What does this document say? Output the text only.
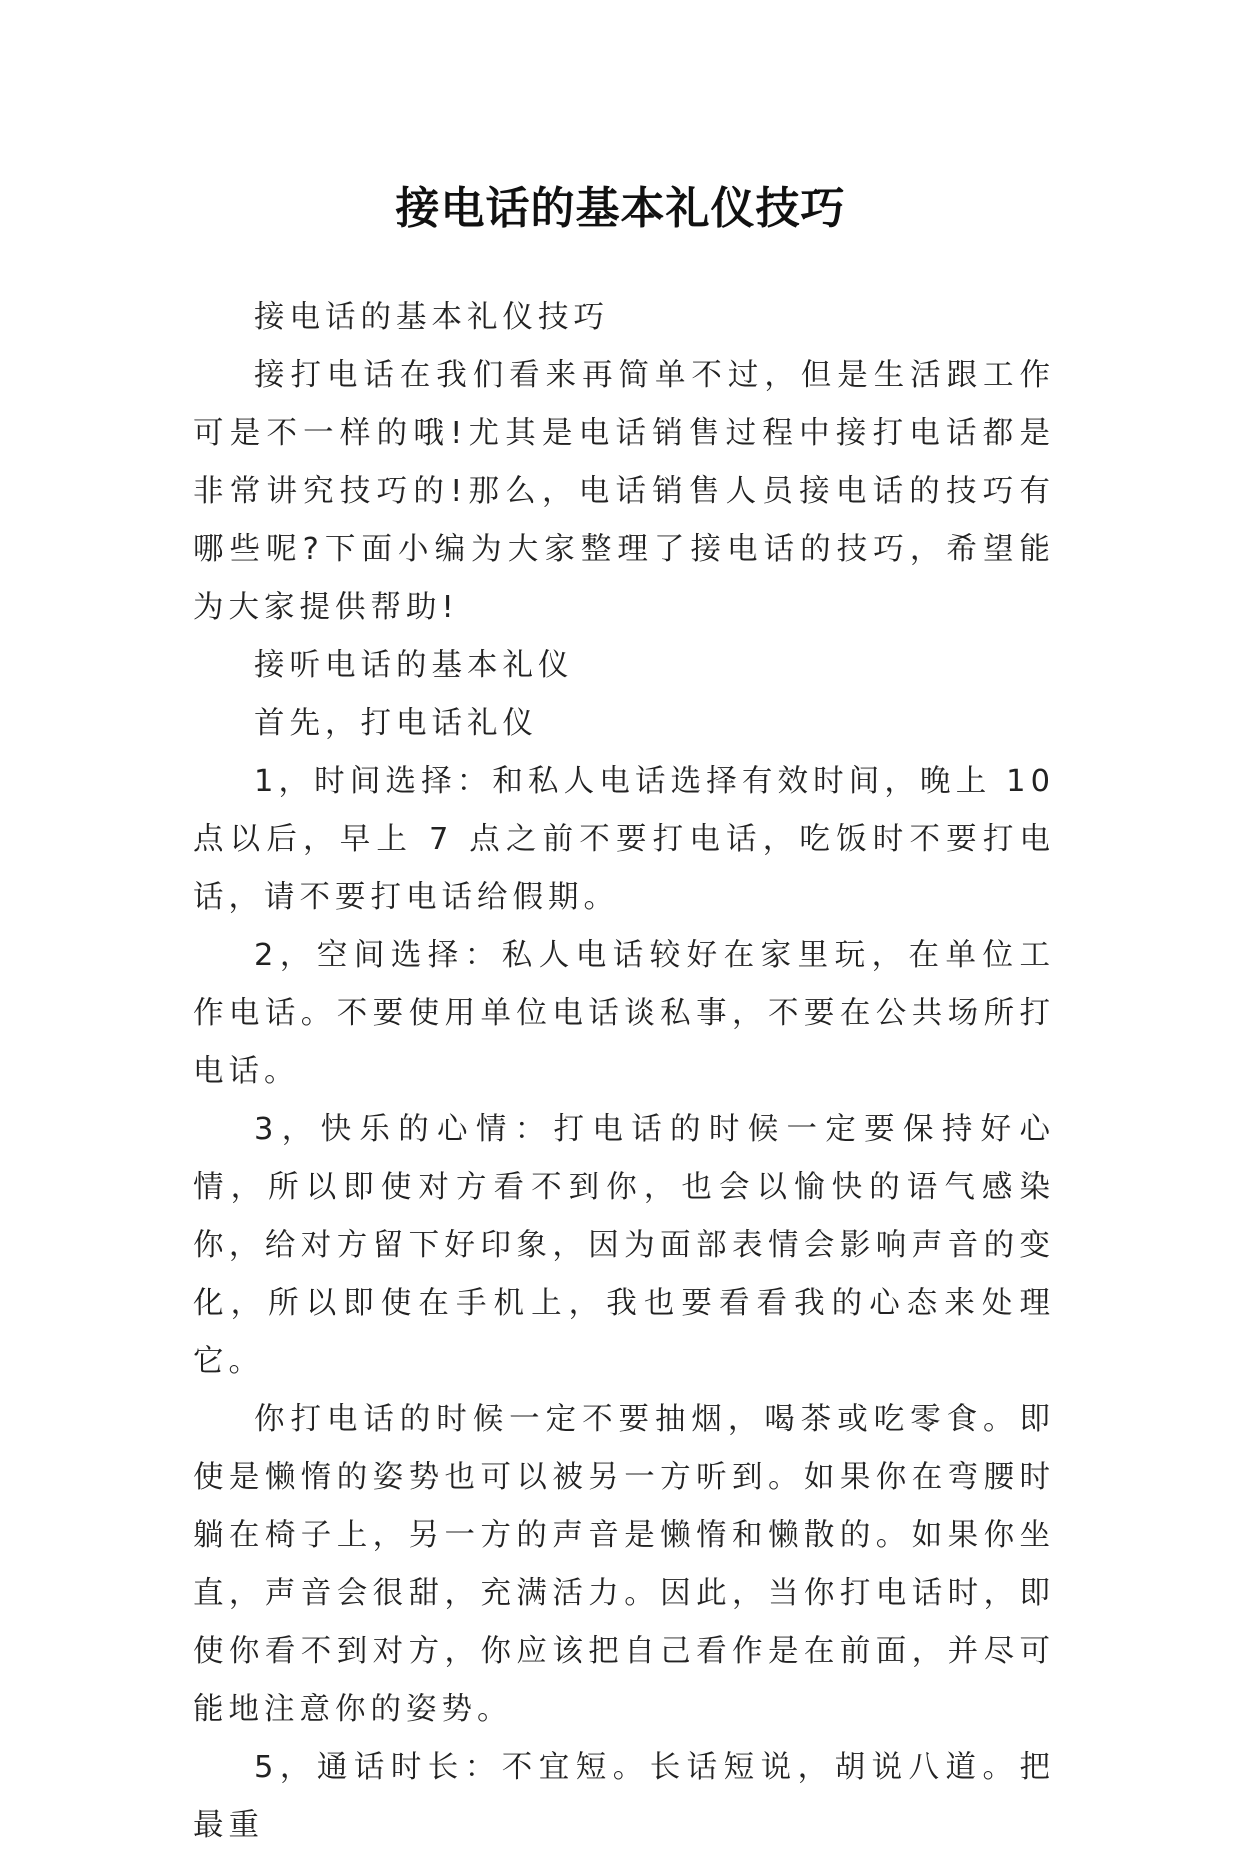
接电话的基本礼仪技巧

接电话的基本礼仪技巧

接打电话在我们看来再简单不过，但是生活跟工作可是不一样的哦!尤其是电话销售过程中接打电话都是非常讲究技巧的!那么，电话销售人员接电话的技巧有哪些呢?下面小编为大家整理了接电话的技巧，希望能为大家提供帮助!

接听电话的基本礼仪

首先，打电话礼仪

1，时间选择：和私人电话选择有效时间，晚上 10 点以后，早上 7 点之前不要打电话，吃饭时不要打电话，请不要打电话给假期。

2，空间选择：私人电话较好在家里玩，在单位工作电话。不要使用单位电话谈私事，不要在公共场所打电话。

3，快乐的心情：打电话的时候一定要保持好心情，所以即使对方看不到你，也会以愉快的语气感染你，给对方留下好印象，因为面部表情会影响声音的变化，所以即使在手机上，我也要看看我的心态来处理它。

你打电话的时候一定不要抽烟，喝茶或吃零食。即使是懒惰的姿势也可以被另一方听到。如果你在弯腰时躺在椅子上，另一方的声音是懒惰和懒散的。如果你坐直，声音会很甜，充满活力。因此，当你打电话时，即使你看不到对方，你应该把自己看作是在前面，并尽可能地注意你的姿势。

5，通话时长：不宜短。长话短说，胡说八道。把最重
